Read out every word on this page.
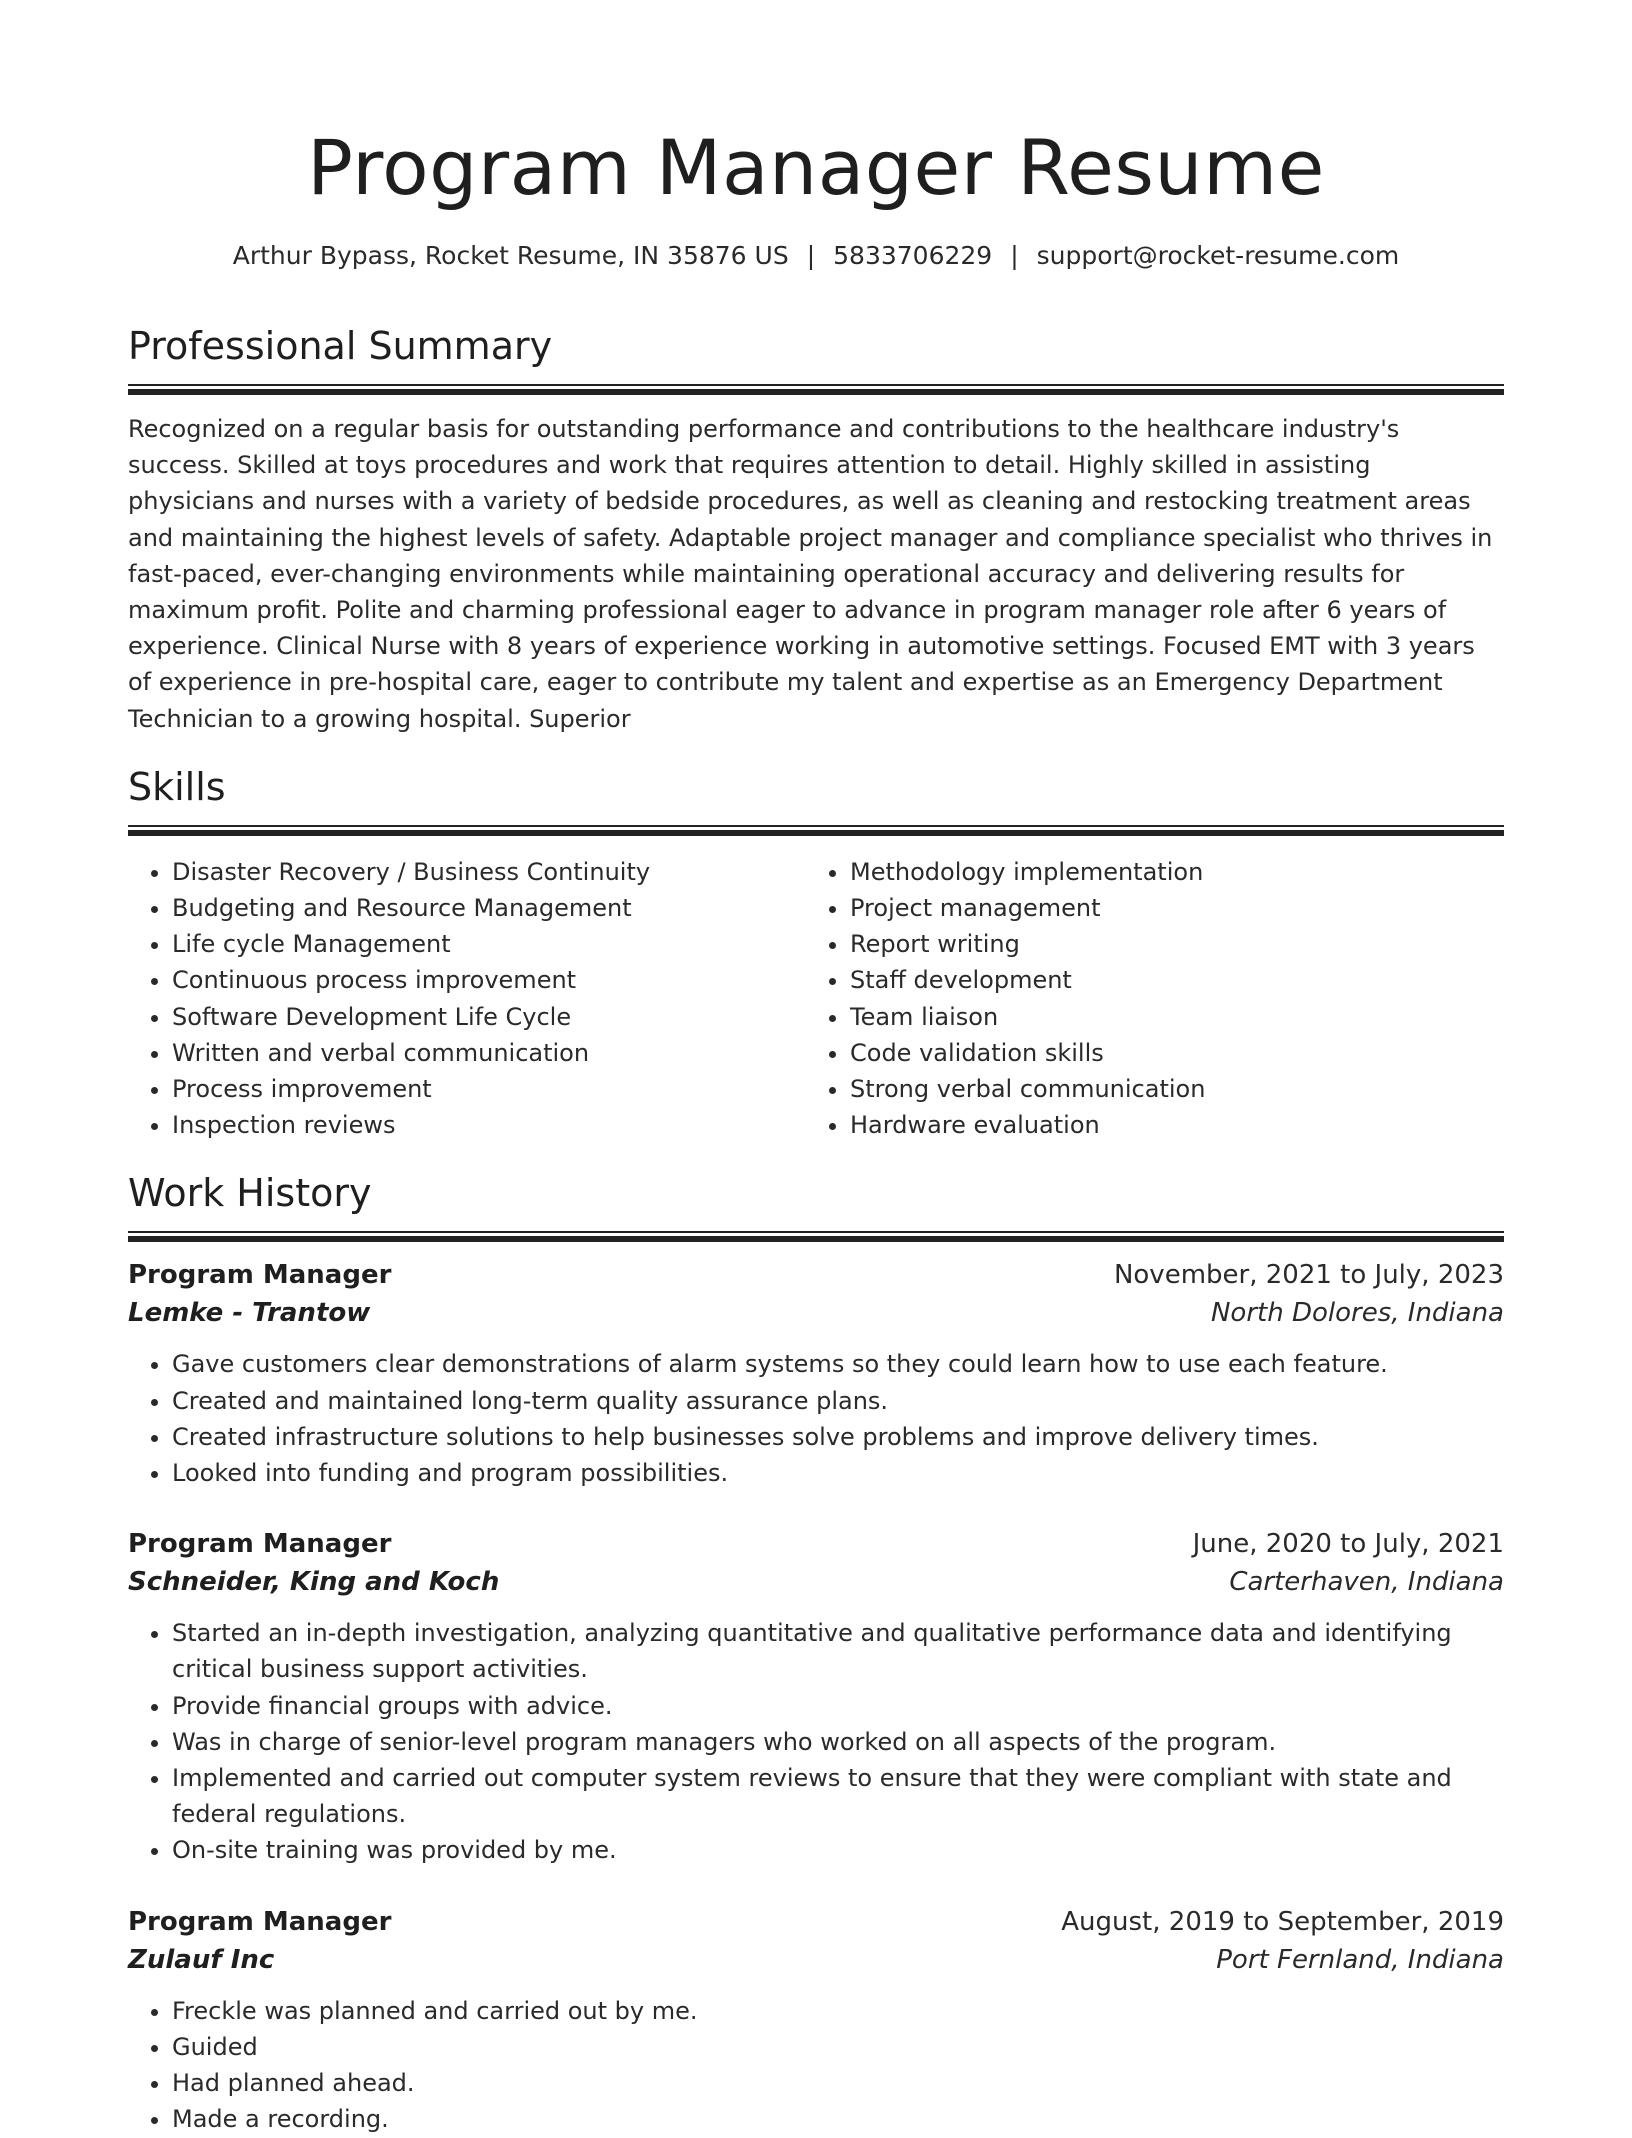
Program Manager Resume
Arthur Bypass, Rocket Resume, IN 35876 US | 5833706229 | support@rocket-resume.com
Professional Summary

Recognized on a regular basis for outstanding performance and contributions to the healthcare industry's success. Skilled at toys procedures and work that requires attention to detail. Highly skilled in assisting physicians and nurses with a variety of bedside procedures, as well as cleaning and restocking treatment areas and maintaining the highest levels of safety. Adaptable project manager and compliance specialist who thrives in fast-paced, ever-changing environments while maintaining operational accuracy and delivering results for maximum profit. Polite and charming professional eager to advance in program manager role after 6 years of experience. Clinical Nurse with 8 years of experience working in automotive settings. Focused EMT with 3 years of experience in pre-hospital care, eager to contribute my talent and expertise as an Emergency Department Technician to a growing hospital. Superior

Skills
• Disaster Recovery / Business Continuity
• Budgeting and Resource Management
• Life cycle Management
• Continuous process improvement
• Software Development Life Cycle
• Written and verbal communication
• Process improvement
• Inspection reviews
• Methodology implementation
• Project management
• Report writing
• Staff development
• Team liaison
• Code validation skills
• Strong verbal communication
• Hardware evaluation
Work History
Program Manager	November, 2021 to July, 2023
Lemke - Trantow	North Dolores, Indiana
• Gave customers clear demonstrations of alarm systems so they could learn how to use each feature.
• Created and maintained long-term quality assurance plans.
• Created infrastructure solutions to help businesses solve problems and improve delivery times.
• Looked into funding and program possibilities.
Program Manager	June, 2020 to July, 2021
Schneider, King and Koch	Carterhaven, Indiana
• Started an in-depth investigation, analyzing quantitative and qualitative performance data and identifying critical business support activities.
• Provide financial groups with advice.
• Was in charge of senior-level program managers who worked on all aspects of the program.
• Implemented and carried out computer system reviews to ensure that they were compliant with state and federal regulations.
• On-site training was provided by me.
Program Manager	August, 2019 to September, 2019
Zulauf Inc	Port Fernland, Indiana
• Freckle was planned and carried out by me.
• Guided
• Had planned ahead.
• Made a recording.
